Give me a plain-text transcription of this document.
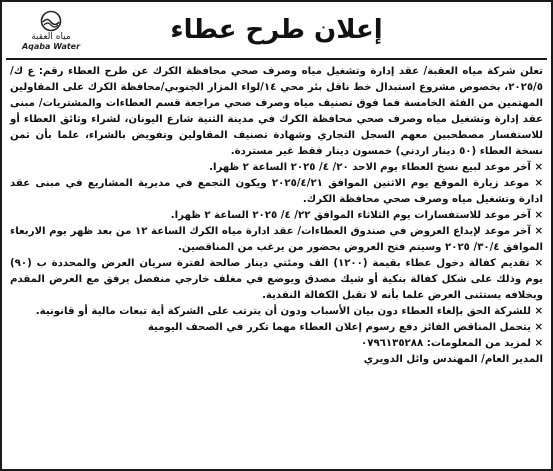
إعلان طرح عطاء
مياه العقبة
Aqaba Water

تعلن شركة مياه العقبة/ عقد إدارة وتشغيل مياه وصرف صحي محافظة الكرك عن طرح العطاء رقم: ع ك/ ٢٠٢٥/٥، بخصوص مشروع استبدال خط ناقل بئر محي ١٤/لواء المزار الجنوبي/محافظة الكرك على المقاولين المهتمين من الفئة الخامسة فما فوق تصنيف مياه وصرف صحي مراجعة قسم العطاءات والمشتريات/ مبنى عقد إدارة وتشغيل مياه وصرف صحي محافظة الكرك في مدينة الثنية شارع اليونان، لشراء وثائق العطاء أو للاستفسار مصطحبين معهم السجل التجاري وشهادة تصنيف المقاولين وتفويض بالشراء، علما بأن ثمن نسخة العطاء (٥٠ دينار اردني) خمسون دينار فقط غير مستردة.

× آخر موعد لبيع نسخ العطاء يوم الاحد ٢٠/ ٤/ ٢٠٢٥ الساعة ٢ ظهرا.

× موعد زيارة الموقع يوم الاثنين الموافق ٢٠٢٥/٤/٢١ ويكون التجمع في مديرية المشاريع في مبنى عقد ادارة وتشغيل مياه وصرف صحي محافظة الكرك.

× آخر موعد للاستفسارات يوم الثلاثاء الموافق ٢٢/ ٤/ ٢٠٢٥ الساعة ٢ ظهرا.

× آخر موعد لإيداع العروض في صندوق العطاءات/ عقد ادارة مياه الكرك الساعة ١٢ من بعد ظهر يوم الاربعاء الموافق ٣٠/٤/ ٢٠٢٥ وسيتم فتح العروض بحضور من يرغب من المناقصين.

× تقديم كفالة دخول عطاء بقيمة (١٢٠٠) الف ومئتي دينار صالحة لفترة سريان العرض والمحددة ب (٩٠) يوم وذلك على شكل كفالة بنكية أو شيك مصدق ويوضع في مغلف خارجي منفصل يرفق مع العرض المقدم وبخلافه يستثنى العرض علما بأنه لا تقبل الكفالة النقدية.

× للشركة الحق بإلغاء العطاء دون بيان الأسباب ودون أن يترتب على الشركة أية تبعات مالية أو قانونية.

× يتحمل المناقص الفائز دفع رسوم إعلان العطاء مهما تكرر في الصحف اليومية

× لمزيد من المعلومات: ٠٧٩٦١٣٥٢٨٨

المدير العام/ المهندس وائل الدويري
